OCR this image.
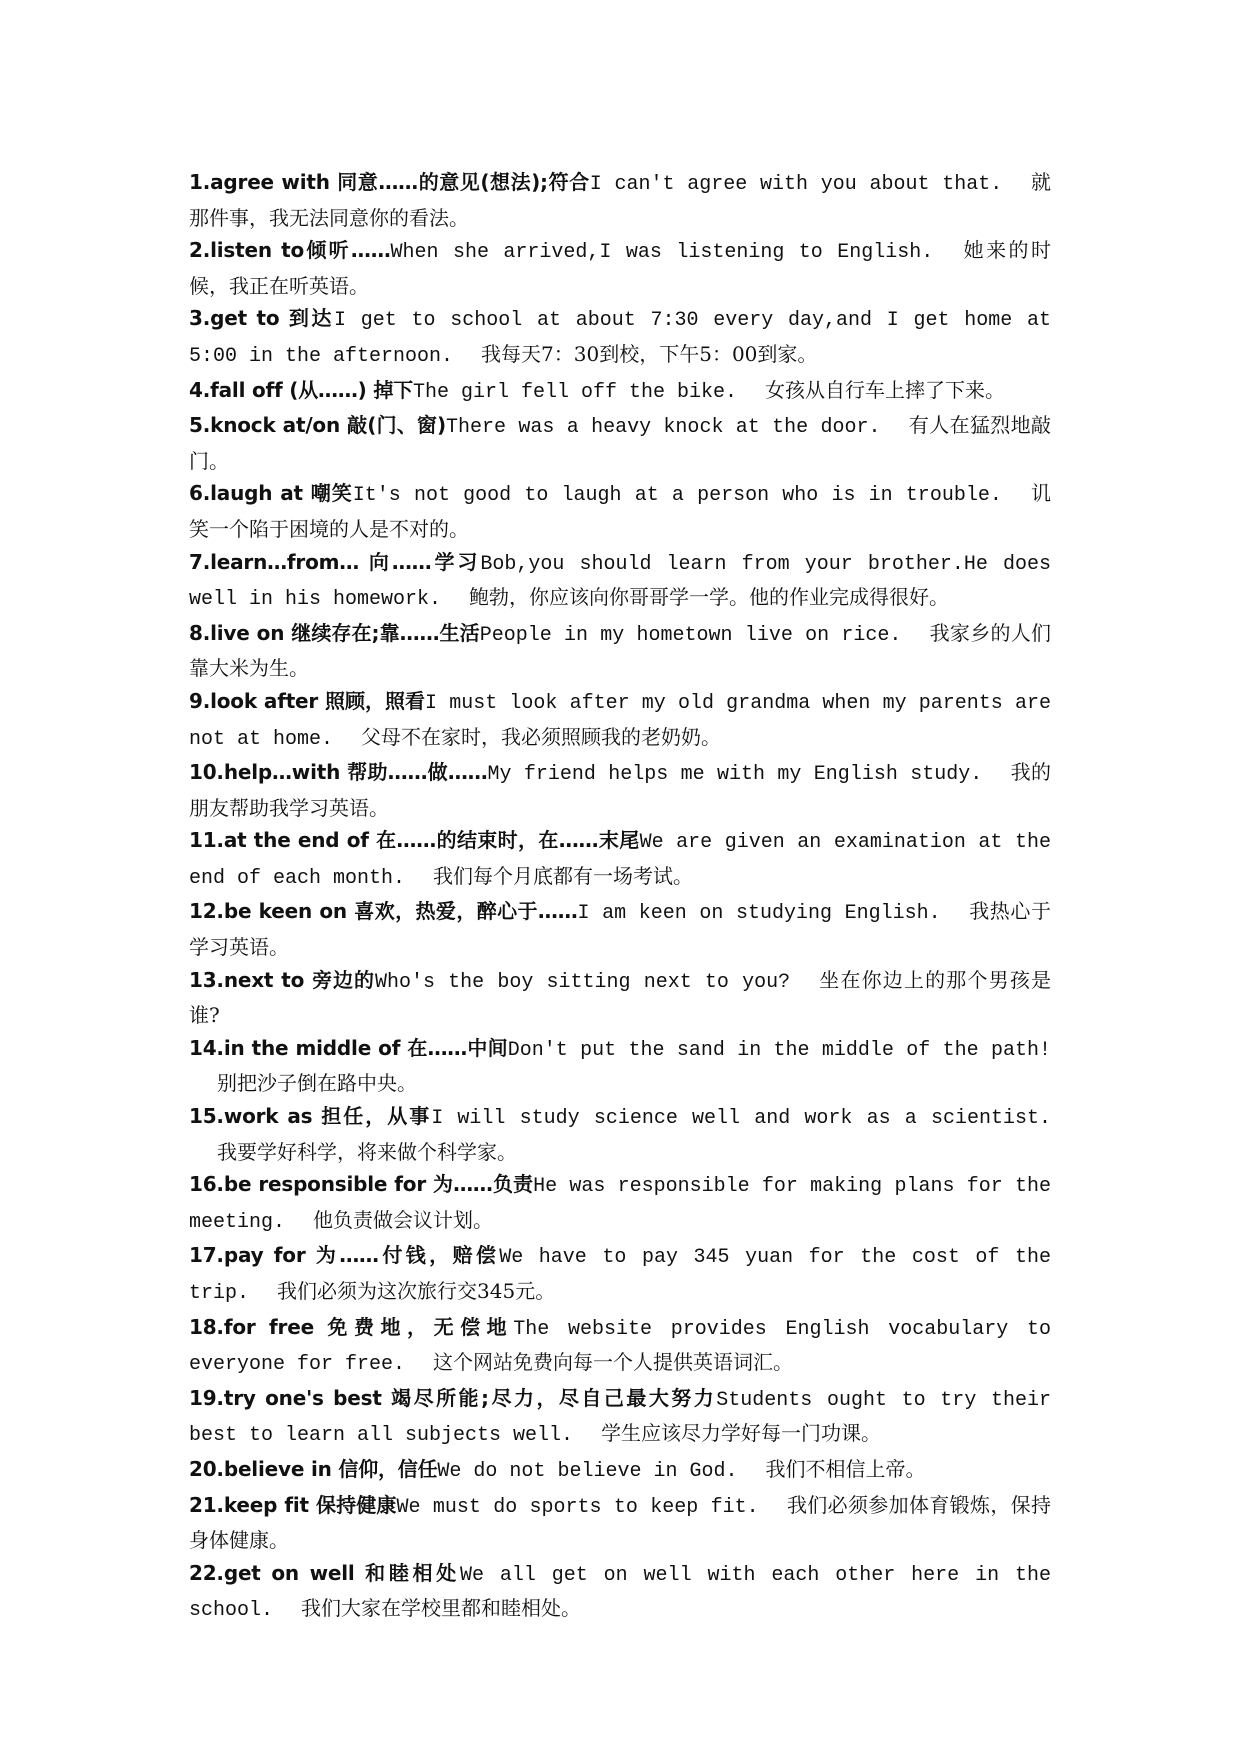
1.agree with 同意……的意见(想法);符合I can't agree with you about that. 就那件事，我无法同意你的看法。

2.listen to倾听……When she arrived,I was listening to English. 她来的时候，我正在听英语。

3.get to 到达I get to school at about 7:30 every day,and I get home at 5:00 in the afternoon. 我每天7：30到校，下午5：00到家。

4.fall off (从……) 掉下The girl fell off the bike. 女孩从自行车上摔了下来。

5.knock at/on 敲(门、窗)There was a heavy knock at the door. 有人在猛烈地敲门。

6.laugh at 嘲笑It's not good to laugh at a person who is in trouble. 讥笑一个陷于困境的人是不对的。

7.learn…from… 向……学习Bob,you should learn from your brother.He does well in his homework. 鲍勃，你应该向你哥哥学一学。他的作业完成得很好。

8.live on 继续存在;靠……生活People in my hometown live on rice. 我家乡的人们靠大米为生。

9.look after 照顾，照看I must look after my old grandma when my parents are not at home. 父母不在家时，我必须照顾我的老奶奶。

10.help…with 帮助……做……My friend helps me with my English study. 我的朋友帮助我学习英语。

11.at the end of 在……的结束时，在……末尾We are given an examination at the end of each month. 我们每个月底都有一场考试。

12.be keen on 喜欢，热爱，醉心于……I am keen on studying English. 我热心于学习英语。

13.next to 旁边的Who's the boy sitting next to you? 坐在你边上的那个男孩是谁?

14.in the middle of 在……中间Don't put the sand in the middle of the path!别把沙子倒在路中央。

15.work as 担任，从事I will study science well and work as a scientist.我要学好科学，将来做个科学家。

16.be responsible for 为……负责He was responsible for making plans for the meeting. 他负责做会议计划。

17.pay for 为……付钱，赔偿We have to pay 345 yuan for the cost of the trip. 我们必须为这次旅行交345元。

18.for free 免费地，无偿地The website provides English vocabulary to everyone for free. 这个网站免费向每一个人提供英语词汇。

19.try one's best 竭尽所能;尽力，尽自己最大努力Students ought to try their best to learn all subjects well. 学生应该尽力学好每一门功课。

20.believe in 信仰，信任We do not believe in God. 我们不相信上帝。

21.keep fit 保持健康We must do sports to keep fit. 我们必须参加体育锻炼，保持身体健康。

22.get on well 和睦相处We all get on well with each other here in the school. 我们大家在学校里都和睦相处。
